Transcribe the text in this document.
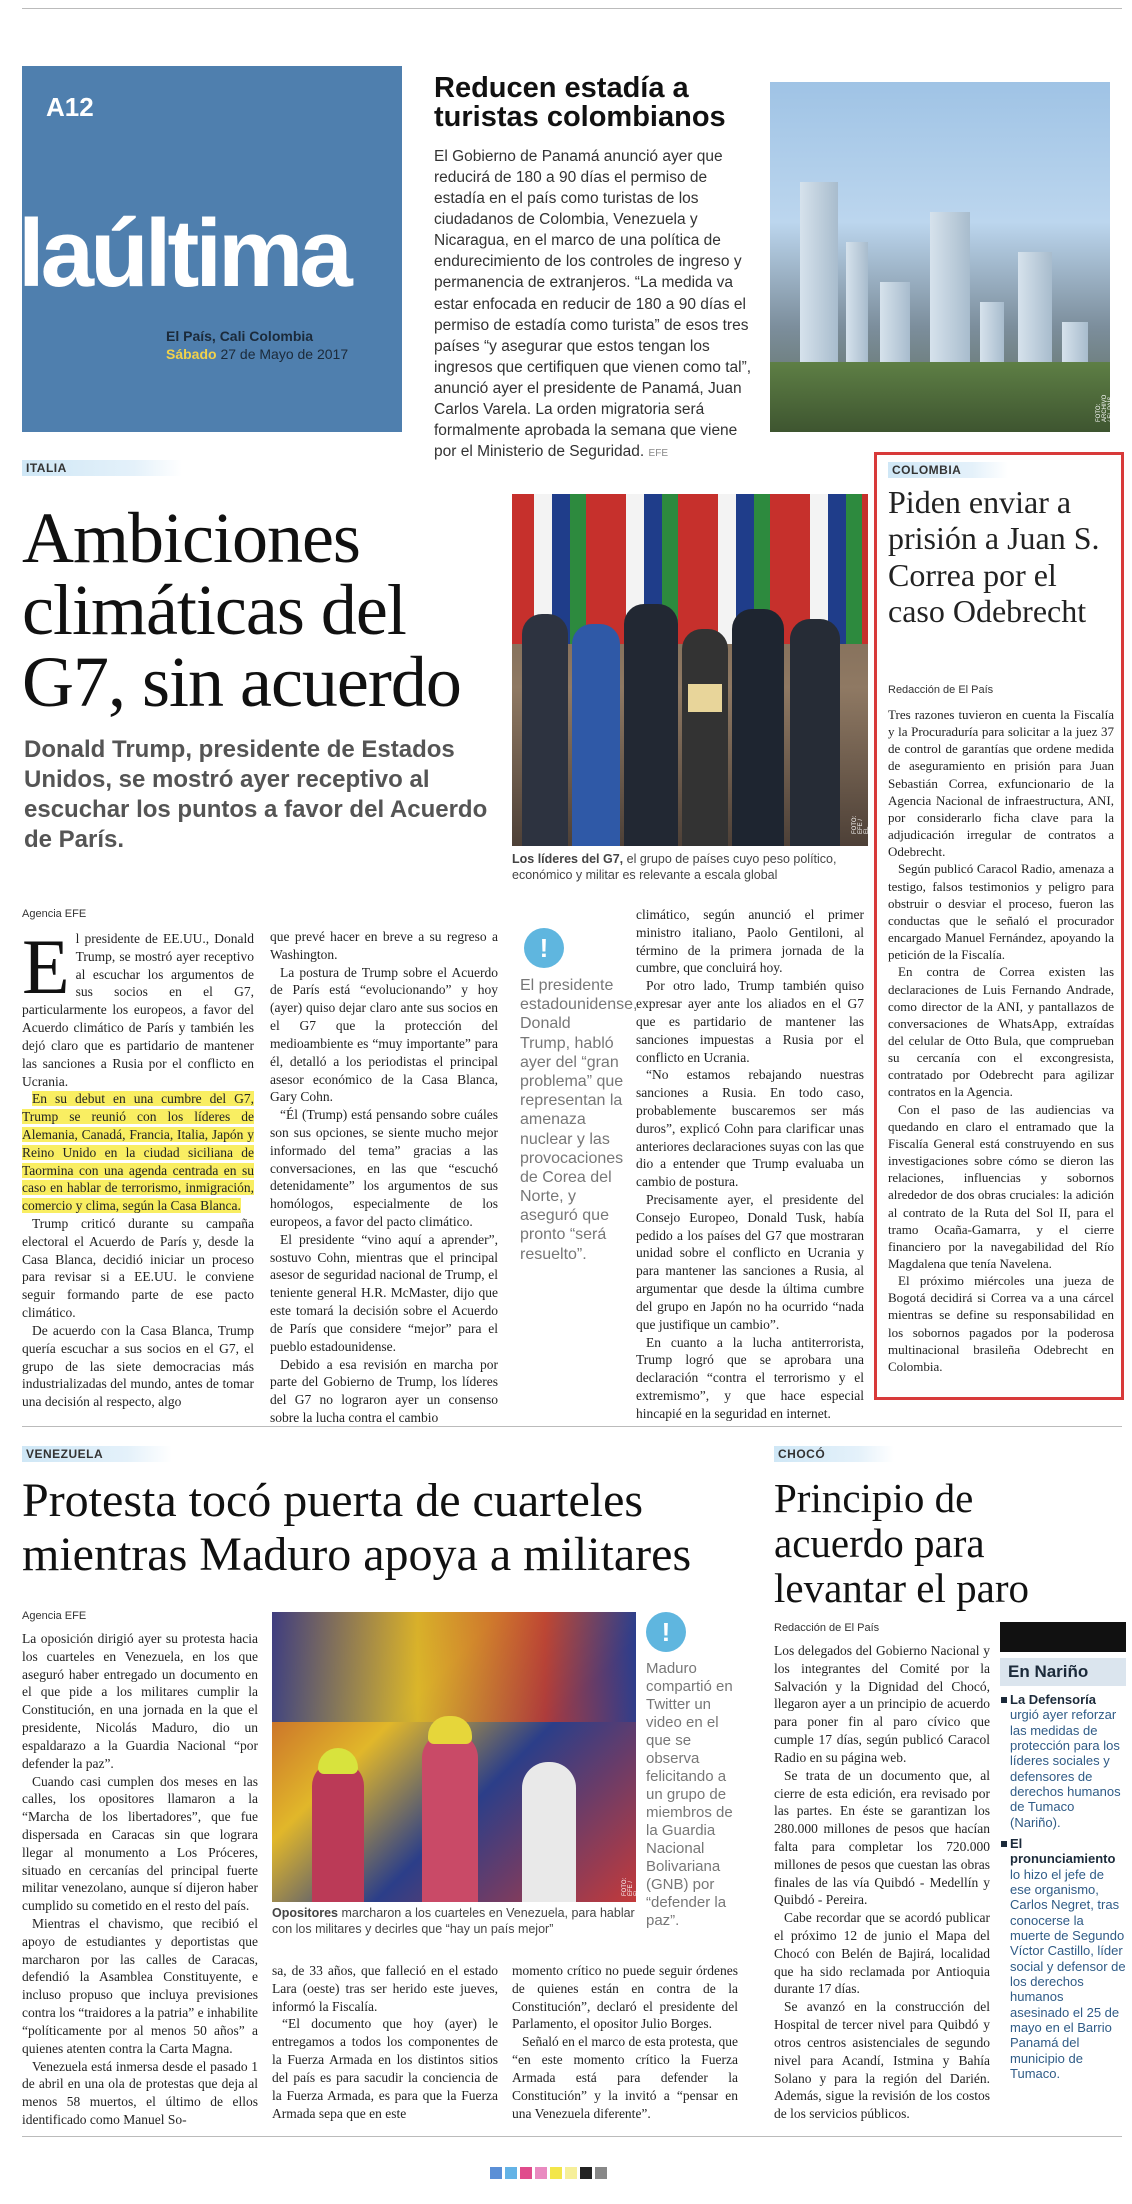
A12
laúltima
El País, Cali Colombia
Sábado 27 de Mayo de 2017
Reducen estadía a turistas colombianos
El Gobierno de Panamá anunció ayer que reducirá de 180 a 90 días el permiso de estadía en el país como turistas de los ciudadanos de Colombia, Venezuela y Nicaragua, en el marco de una política de endurecimiento de los controles de ingreso y permanencia de extranjeros. “La medida va estar enfocada en reducir de 180 a 90 días el permiso de estadía como turista” de esos tres países “y asegurar que estos tengan los ingresos que certifiquen que vienen como tal”, anunció ayer el presidente de Panamá, Juan Carlos Varela. La orden migratoria será formalmente aprobada la semana que viene por el Ministerio de Seguridad. EFE
FOTO: ARCHIVO / EL PAÍS
ITALIA
Ambiciones climáticas del G7, sin acuerdo
Donald Trump, presidente de Estados Unidos, se mostró ayer receptivo al escuchar los puntos a favor del Acuerdo de París.
FOTO: EFE / EL PAÍS
Los líderes del G7, el grupo de países cuyo peso político, económico y militar es relevante a escala global
Agencia EFE
E l presidente de EE.UU., Donald Trump, se mostró ayer receptivo al escuchar los argumentos de sus socios en el G7, particularmente los europeos, a favor del Acuerdo climático de París y también les dejó claro que es partidario de mantener las sanciones a Rusia por el conflicto en Ucrania.

En su debut en una cumbre del G7, Trump se reunió con los líderes de Alemania, Canadá, Francia, Italia, Japón y Reino Unido en la ciudad siciliana de Taormina con una agenda centrada en su caso en hablar de terrorismo, inmigración, comercio y clima, según la Casa Blanca.

Trump criticó durante su campaña electoral el Acuerdo de París y, desde la Casa Blanca, decidió iniciar un proceso para revisar si a EE.UU. le conviene seguir formando parte de ese pacto climático.

De acuerdo con la Casa Blanca, Trump quería escuchar a sus socios en el G7, el grupo de las siete democracias más industrializadas del mundo, antes de tomar una decisión al respecto, algo

que prevé hacer en breve a su regreso a Washington.

La postura de Trump sobre el Acuerdo de París está “evolucionando” y hoy (ayer) quiso dejar claro ante sus socios en el G7 que la protección del medioambiente es “muy importante” para él, detalló a los periodistas el principal asesor económico de la Casa Blanca, Gary Cohn.

“Él (Trump) está pensando sobre cuáles son sus opciones, se siente mucho mejor informado del tema” gracias a las conversaciones, en las que “escuchó detenidamente” los argumentos de sus homólogos, especialmente de los europeos, a favor del pacto climático.

El presidente “vino aquí a aprender”, sostuvo Cohn, mientras que el principal asesor de seguridad nacional de Trump, el teniente general H.R. McMaster, dijo que este tomará la decisión sobre el Acuerdo de París que considere “mejor” para el pueblo estadounidense.

Debido a esa revisión en marcha por parte del Gobierno de Trump, los líderes del G7 no lograron ayer un consenso sobre la lucha contra el cambio

!
El presidente estadounidense, Donald Trump, habló ayer del “gran problema” que representan la amenaza nuclear y las provocaciones de Corea del Norte, y aseguró que pronto “será resuelto”.
climático, según anunció el primer ministro italiano, Paolo Gentiloni, al término de la primera jornada de la cumbre, que concluirá hoy.

Por otro lado, Trump también quiso expresar ayer ante los aliados en el G7 que es partidario de mantener las sanciones impuestas a Rusia por el conflicto en Ucrania.

“No estamos rebajando nuestras sanciones a Rusia. En todo caso, probablemente buscaremos ser más duros”, explicó Cohn para clarificar unas anteriores declaraciones suyas con las que dio a entender que Trump evaluaba un cambio de postura.

Precisamente ayer, el presidente del Consejo Europeo, Donald Tusk, había pedido a los países del G7 que mostraran unidad sobre el conflicto en Ucrania y para mantener las sanciones a Rusia, al argumentar que desde la última cumbre del grupo en Japón no ha ocurrido “nada que justifique un cambio”.

En cuanto a la lucha antiterrorista, Trump logró que se aprobara una declaración “contra el terrorismo y el extremismo”, y que hace especial hincapié en la seguridad en internet.

COLOMBIA
Piden enviar a prisión a Juan S. Correa por el caso Odebrecht
Redacción de El País
Tres razones tuvieron en cuenta la Fiscalía y la Procuraduría para solicitar a la juez 37 de control de garantías que ordene medida de aseguramiento en prisión para Juan Sebastián Correa, exfuncionario de la Agencia Nacional de infraestructura, ANI, por considerarlo ficha clave para la adjudicación irregular de contratos a Odebrecht.

Según publicó Caracol Radio, amenaza a testigo, falsos testimonios y peligro para obstruir o desviar el proceso, fueron las conductas que le señaló el procurador encargado Manuel Fernández, apoyando la petición de la Fiscalía.

En contra de Correa existen las declaraciones de Luis Fernando Andrade, como director de la ANI, y pantallazos de conversaciones de WhatsApp, extraídas del celular de Otto Bula, que comprueban su cercanía con el excongresista, contratado por Odebrecht para agilizar contratos en la Agencia.

Con el paso de las audiencias va quedando en claro el entramado que la Fiscalía General está construyendo en sus investigaciones sobre cómo se dieron las relaciones, influencias y sobornos alrededor de dos obras cruciales: la adición al contrato de la Ruta del Sol II, para el tramo Ocaña-Gamarra, y el cierre financiero por la navegabilidad del Río Magdalena que tenía Navelena.

El próximo miércoles una jueza de Bogotá decidirá si Correa va a una cárcel mientras se define su responsabilidad en los sobornos pagados por la poderosa multinacional brasileña Odebrecht en Colombia.

VENEZUELA
Protesta tocó puerta de cuarteles mientras Maduro apoya a militares
Agencia EFE
La oposición dirigió ayer su protesta hacia los cuarteles en Venezuela, en los que aseguró haber entregado un documento en el que pide a los militares cumplir la Constitución, en una jornada en la que el presidente, Nicolás Maduro, dio un espaldarazo a la Guardia Nacional “por defender la paz”.

Cuando casi cumplen dos meses en las calles, los opositores llamaron a la “Marcha de los libertadores”, que fue dispersada en Caracas sin que lograra llegar al monumento a Los Próceres, situado en cercanías del principal fuerte militar venezolano, aunque sí dijeron haber cumplido su cometido en el resto del país.

Mientras el chavismo, que recibió el apoyo de estudiantes y deportistas que marcharon por las calles de Caracas, defendió la Asamblea Constituyente, e incluso propuso que incluya previsiones contra los “traidores a la patria” e inhabilite “políticamente por al menos 50 años” a quienes atenten contra la Carta Magna.

Venezuela está inmersa desde el pasado 1 de abril en una ola de protestas que deja al menos 58 muertos, el último de ellos identificado como Manuel So-

FOTO: EFE / EL PAÍS
Opositores marcharon a los cuarteles en Venezuela, para hablar con los militares y decirles que “hay un país mejor”
!
Maduro compartió en Twitter un video en el que se observa felicitando a un grupo de miembros de la Guardia Nacional Bolivariana (GNB) por “defender la paz”.
sa, de 33 años, que falleció en el estado Lara (oeste) tras ser herido este jueves, informó la Fiscalía.

“El documento que hoy (ayer) le entregamos a todos los componentes de la Fuerza Armada en los distintos sitios del país es para sacudir la conciencia de la Fuerza Armada, es para que la Fuerza Armada sepa que en este

momento crítico no puede seguir órdenes de quienes están en contra de la Constitución”, declaró el presidente del Parlamento, el opositor Julio Borges.

Señaló en el marco de esta protesta, que “en este momento crítico la Fuerza Armada está para defender la Constitución” y la invitó a “pensar en una Venezuela diferente”.

CHOCÓ
Principio de acuerdo para levantar el paro
Redacción de El País
Los delegados del Gobierno Nacional y los integrantes del Comité por la Salvación y la Dignidad del Chocó, llegaron ayer a un principio de acuerdo para poner fin al paro cívico que cumple 17 días, según publicó Caracol Radio en su página web.

Se trata de un documento que, al cierre de esta edición, era revisado por las partes. En éste se garantizan los 280.000 millones de pesos que hacían falta para completar los 720.000 millones de pesos que cuestan las obras finales de las vía Quibdó - Medellín y Quibdó - Pereira.

Cabe recordar que se acordó publicar el próximo 12 de junio el Mapa del Chocó con Belén de Bajirá, localidad que ha sido reclamada por Antioquia durante 17 días.

Se avanzó en la construcción del Hospital de tercer nivel para Quibdó y otros centros asistenciales de segundo nivel para Acandí, Istmina y Bahía Solano y para la región del Darién. Además, sigue la revisión de los costos de los servicios públicos.

En Nariño
La Defensoría urgió ayer reforzar las medidas de protección para los líderes sociales y defensores de derechos humanos de Tumaco (Nariño).
El pronunciamiento lo hizo el jefe de ese organismo, Carlos Negret, tras conocerse la muerte de Segundo Víctor Castillo, líder social y defensor de los derechos humanos asesinado el 25 de mayo en el Barrio Panamá del municipio de Tumaco.
